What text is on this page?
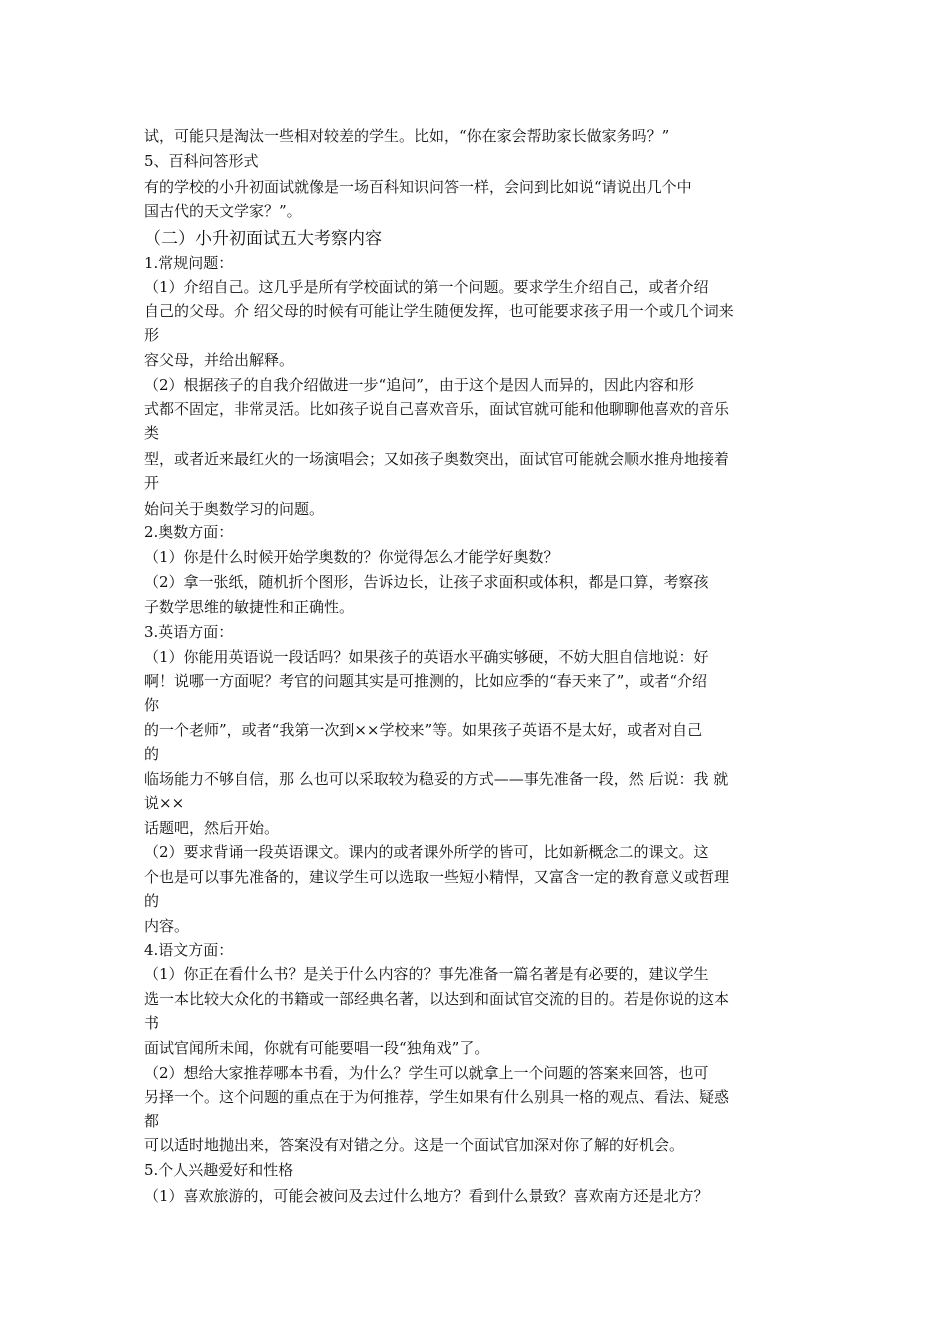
试，可能只是淘汰一些相对较差的学生。比如，“你在家会帮助家长做家务吗？”
5、百科问答形式
有的学校的小升初面试就像是一场百科知识问答一样，会问到比如说“请说出几个中
国古代的天文学家？”。
（二）小升初面试五大考察内容
1.常规问题：
（1）介绍自己。这几乎是所有学校面试的第一个问题。要求学生介绍自己，或者介绍
自己的父母。介 绍父母的时候有可能让学生随便发挥，也可能要求孩子用一个或几个词来
形
容父母，并给出解释。
（2）根据孩子的自我介绍做进一步“追问”，由于这个是因人而异的，因此内容和形
式都不固定，非常灵活。比如孩子说自己喜欢音乐，面试官就可能和他聊聊他喜欢的音乐
类
型，或者近来最红火的一场演唱会；又如孩子奥数突出，面试官可能就会顺水推舟地接着
开
始问关于奥数学习的问题。
2.奥数方面：
（1）你是什么时候开始学奥数的？你觉得怎么才能学好奥数？
（2）拿一张纸，随机折个图形，告诉边长，让孩子求面积或体积，都是口算，考察孩
子数学思维的敏捷性和正确性。
3.英语方面：
（1）你能用英语说一段话吗？如果孩子的英语水平确实够硬，不妨大胆自信地说：好
啊！说哪一方面呢？考官的问题其实是可推测的，比如应季的“春天来了”，或者“介绍
你
的一个老师”，或者“我第一次到××学校来”等。如果孩子英语不是太好，或者对自己
的
临场能力不够自信，那 么也可以采取较为稳妥的方式——事先准备一段，然 后说：我 就
说××
话题吧，然后开始。
（2）要求背诵一段英语课文。课内的或者课外所学的皆可，比如新概念二的课文。这
个也是可以事先准备的，建议学生可以选取一些短小精悍，又富含一定的教育意义或哲理
的
内容。
4.语文方面：
（1）你正在看什么书？是关于什么内容的？事先准备一篇名著是有必要的，建议学生
选一本比较大众化的书籍或一部经典名著，以达到和面试官交流的目的。若是你说的这本
书
面试官闻所未闻，你就有可能要唱一段“独角戏”了。
（2）想给大家推荐哪本书看，为什么？学生可以就拿上一个问题的答案来回答，也可
另择一个。这个问题的重点在于为何推荐，学生如果有什么别具一格的观点、看法、疑惑
都
可以适时地抛出来，答案没有对错之分。这是一个面试官加深对你了解的好机会。
5.个人兴趣爱好和性格
（1）喜欢旅游的，可能会被问及去过什么地方？看到什么景致？喜欢南方还是北方？
